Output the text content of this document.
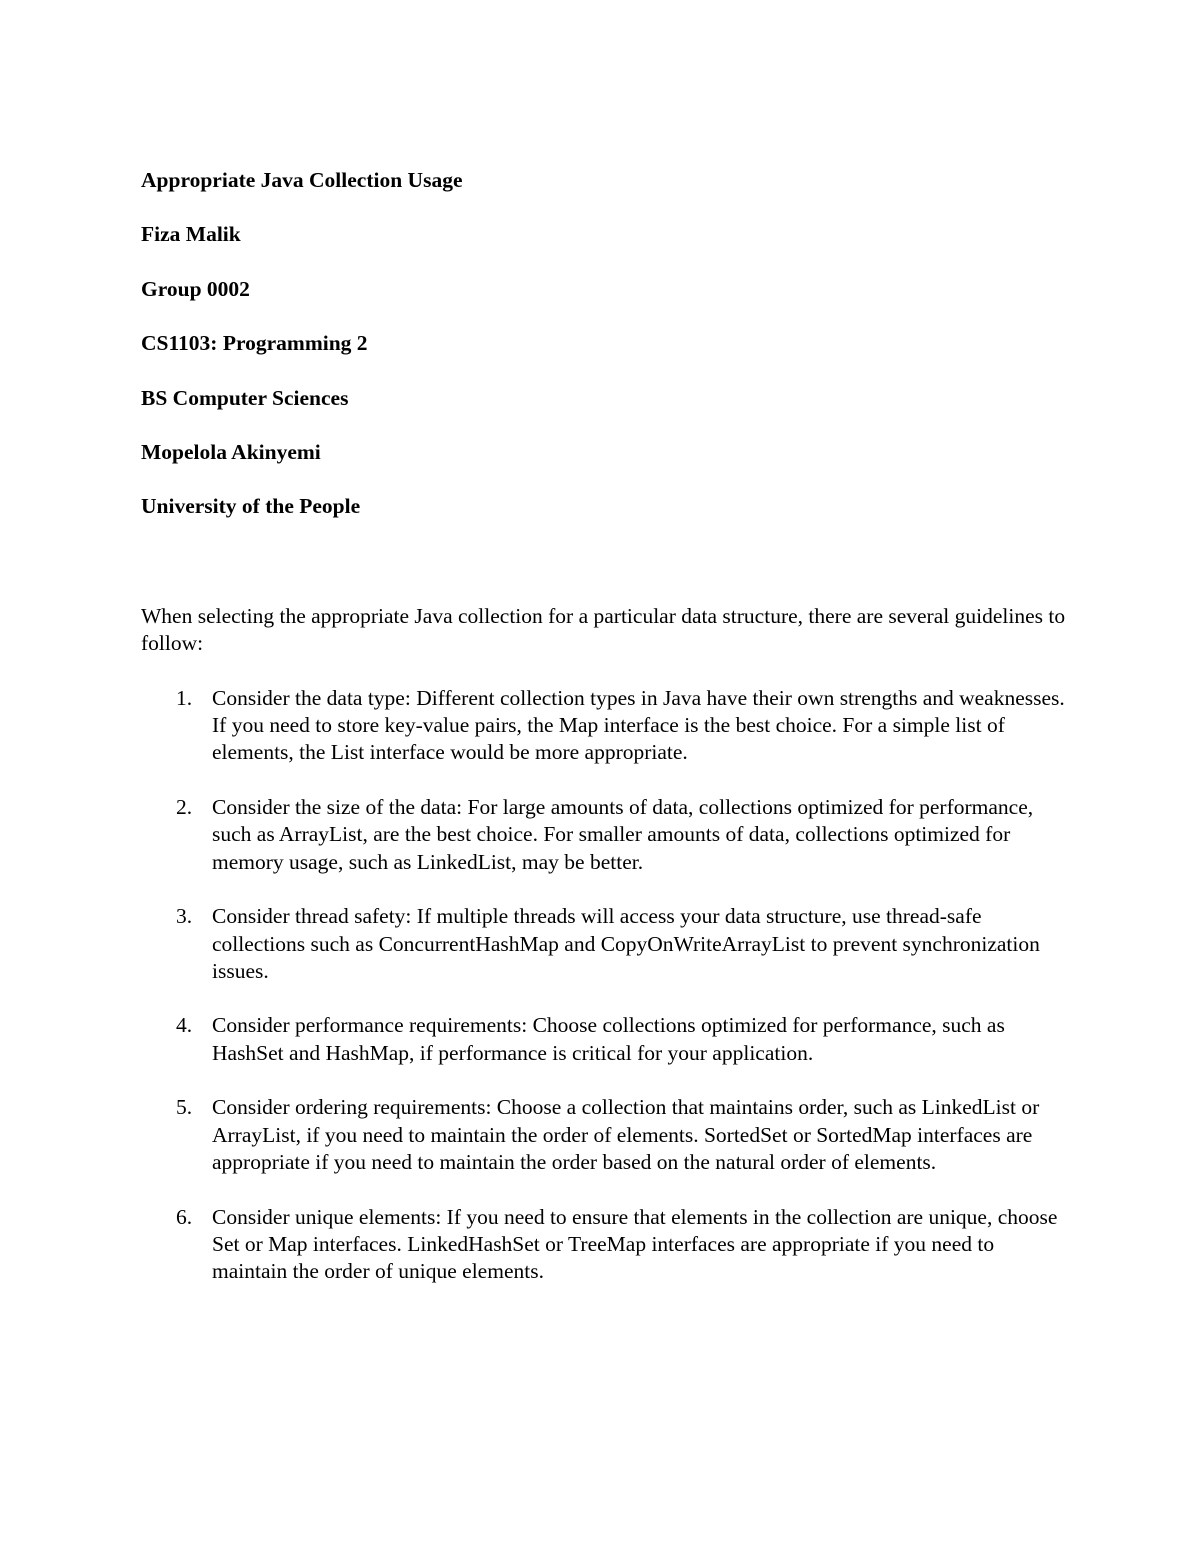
Appropriate Java Collection Usage
Fiza Malik
Group 0002
CS1103: Programming 2
BS Computer Sciences
Mopelola Akinyemi
University of the People

When selecting the appropriate Java collection for a particular data structure, there are several guidelines to follow:

1. Consider the data type: Different collection types in Java have their own strengths and weaknesses. If you need to store key-value pairs, the Map interface is the best choice. For a simple list of elements, the List interface would be more appropriate.
2. Consider the size of the data: For large amounts of data, collections optimized for performance, such as ArrayList, are the best choice. For smaller amounts of data, collections optimized for memory usage, such as LinkedList, may be better.
3. Consider thread safety: If multiple threads will access your data structure, use thread-safe collections such as ConcurrentHashMap and CopyOnWriteArrayList to prevent synchronization issues.
4. Consider performance requirements: Choose collections optimized for performance, such as HashSet and HashMap, if performance is critical for your application.
5. Consider ordering requirements: Choose a collection that maintains order, such as LinkedList or ArrayList, if you need to maintain the order of elements. SortedSet or SortedMap interfaces are appropriate if you need to maintain the order based on the natural order of elements.
6. Consider unique elements: If you need to ensure that elements in the collection are unique, choose Set or Map interfaces. LinkedHashSet or TreeMap interfaces are appropriate if you need to maintain the order of unique elements.
